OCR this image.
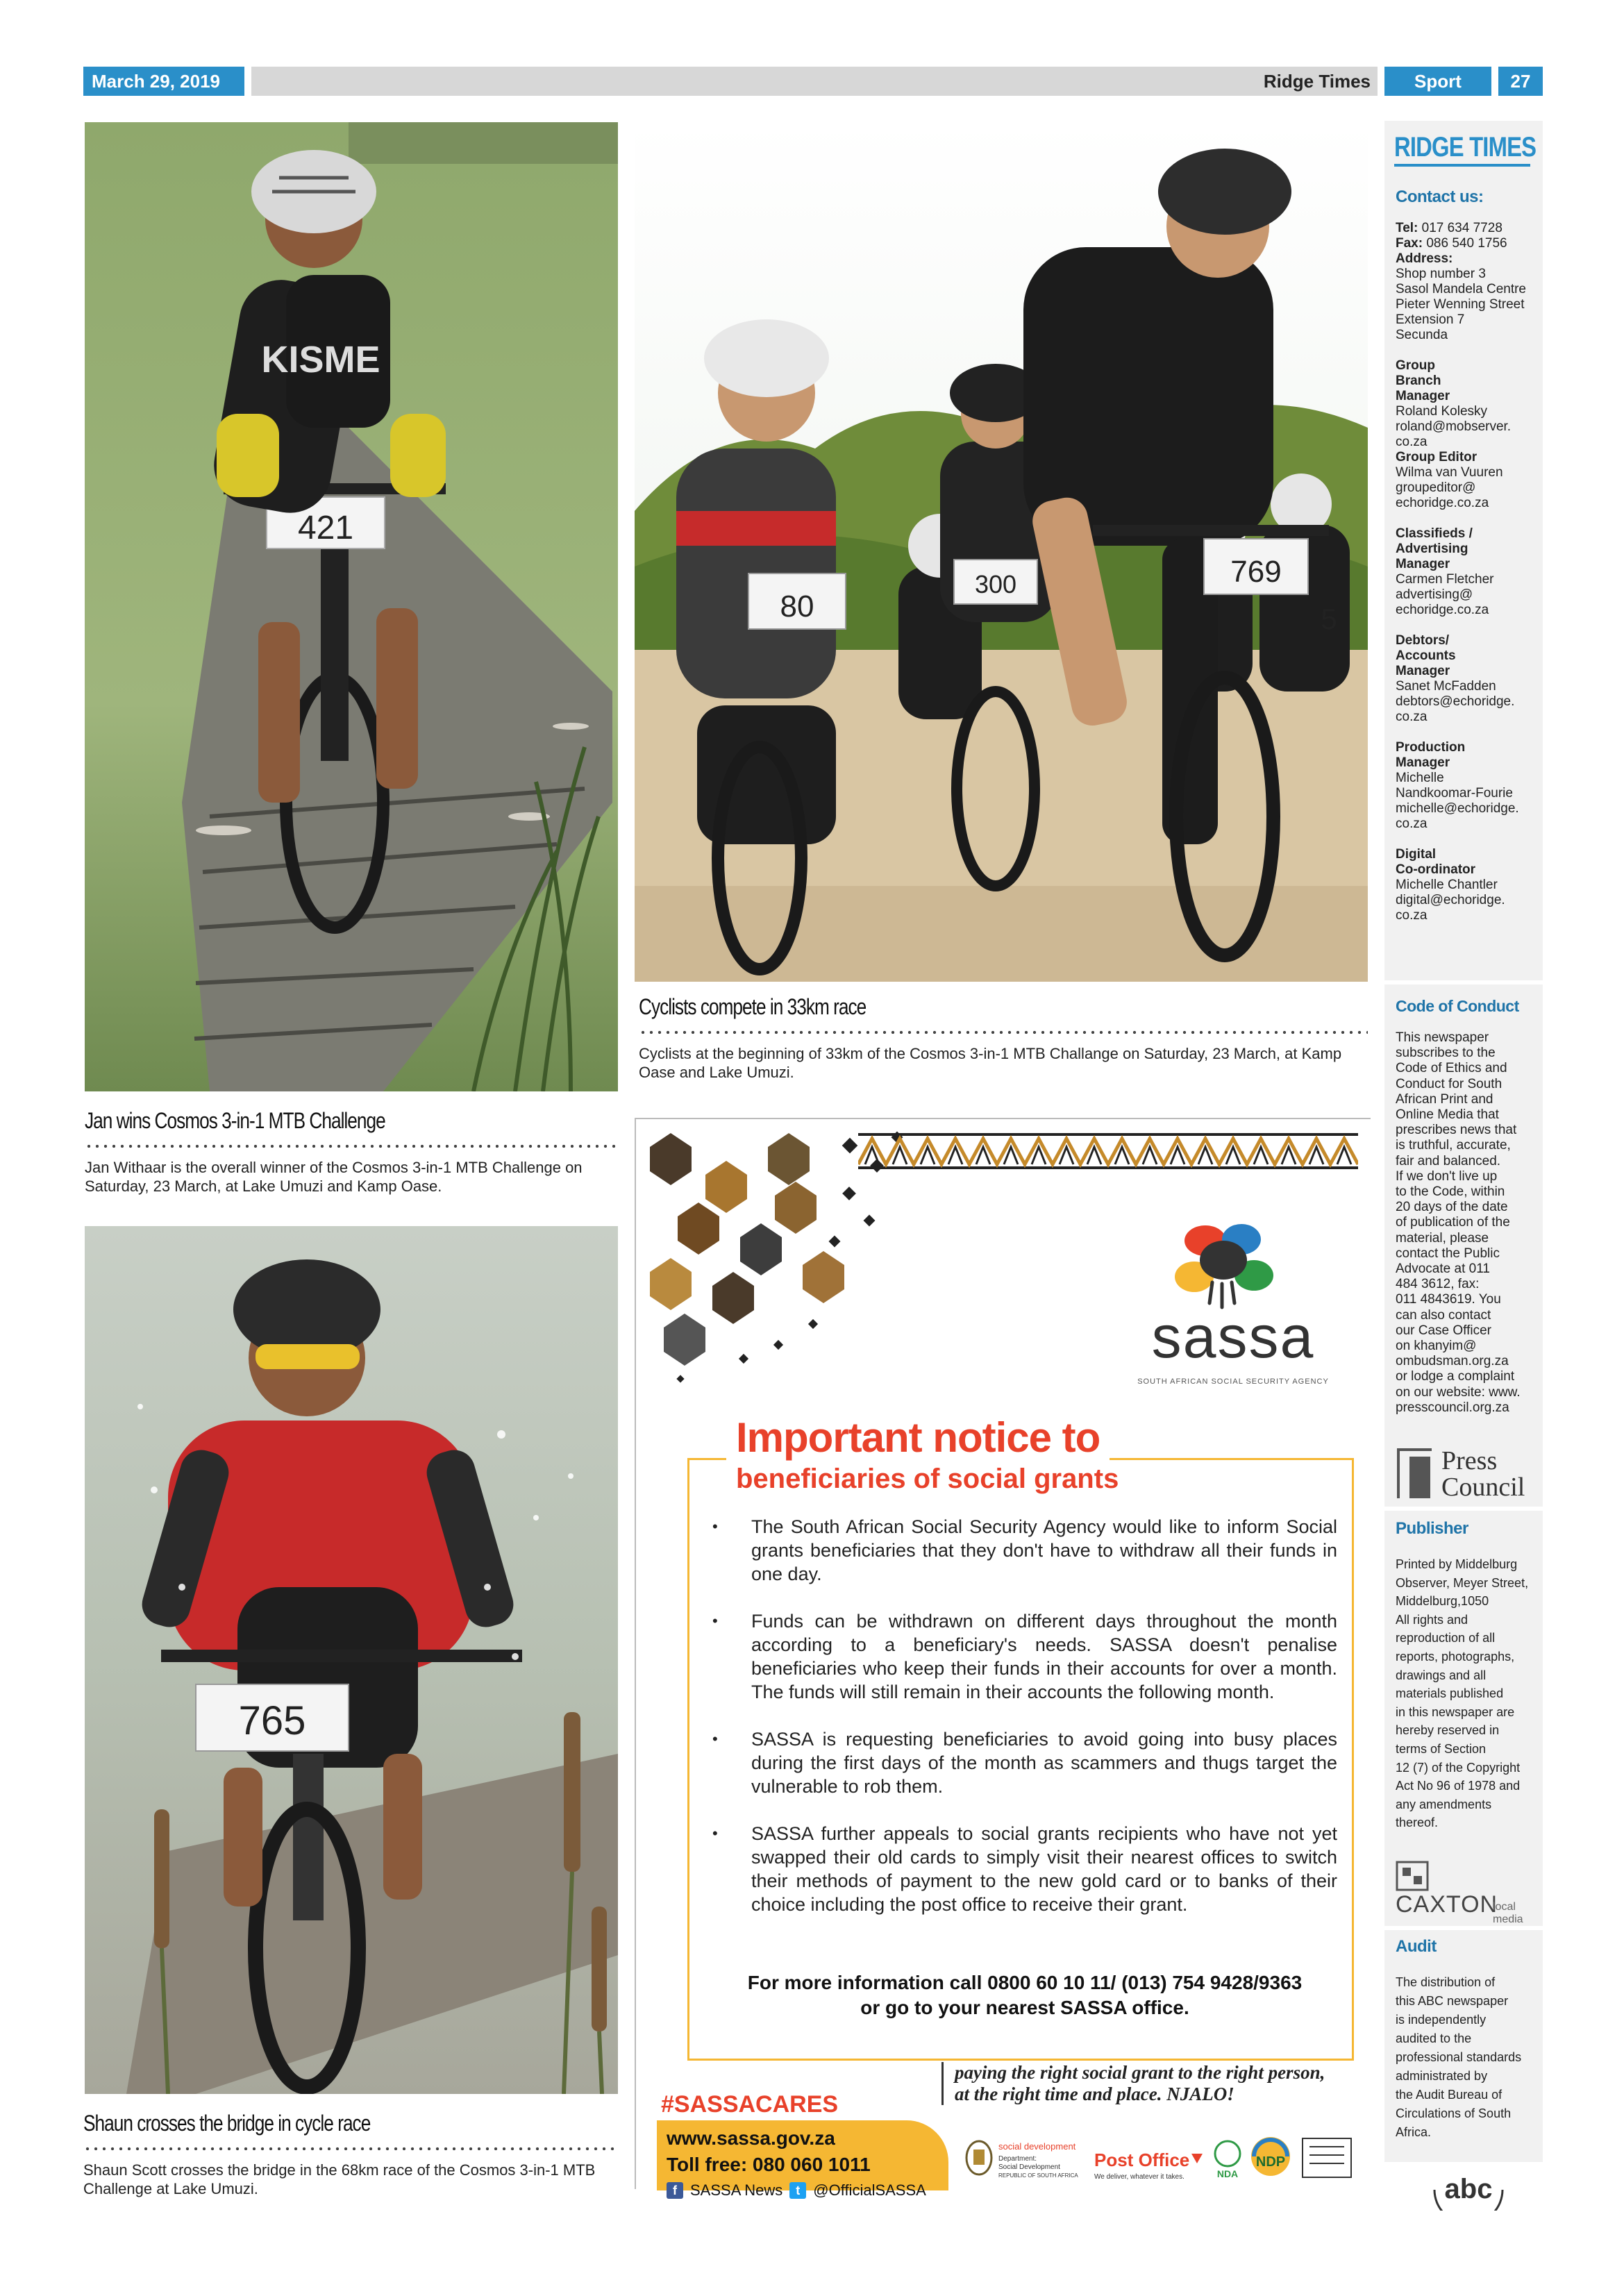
March 29, 2019	Ridge Times	Sport	27
421
KISME
Jan wins Cosmos 3-in-1 MTB Challenge
Jan Withaar is the overall winner of the Cosmos 3-in-1 MTB Challenge on Saturday, 23 March, at Lake Umuzi and Kamp Oase.
80
300	769
5
Cyclists compete in 33km race
Cyclists at the beginning of 33km of the Cosmos 3-in-1 MTB Challange on Saturday, 23 March, at Kamp Oase and Lake Umuzi.
765
Shaun crosses the bridge in cycle race
Shaun Scott crosses the bridge in the 68km race of the Cosmos 3-in-1 MTB Challenge at Lake Umuzi.
RIDGE TIMES
Contact us:
Tel: 017 634 7728
Fax: 086 540 1756
Address:
Shop number 3
Sasol Mandela Centre
Pieter Wenning Street
Extension 7
Secunda
Group
Branch
Manager
Roland Kolesky
roland@mobserver.
co.za
Group Editor
Wilma van Vuuren
groupeditor@
echoridge.co.za
Classifieds /
Advertising
Manager
Carmen Fletcher
advertising@
echoridge.co.za
Debtors/
Accounts
Manager
Sanet McFadden
debtors@echoridge.
co.za
Production
Manager
Michelle
Nandkoomar-Fourie
michelle@echoridge.
co.za
Digital
Co-ordinator
Michelle Chantler
digital@echoridge.
co.za
Code of Conduct
This newspaper
subscribes to the
Code of Ethics and
Conduct for South
African Print and
Online Media that
prescribes news that
is truthful, accurate,
fair and balanced.
If we don't live up
to the Code, within
20 days of the date
of publication of the
material, please
contact the Public
Advocate at 011
484 3612, fax:
011 4843619. You
can also contact
our Case Officer
on khanyim@
ombudsman.org.za
or lodge a complaint
on our website: www.
presscouncil.org.za
Press
Council
Publisher
Printed by Middelburg
Observer, Meyer Street,
Middelburg,1050
All rights and
reproduction of all
reports, photographs,
drawings and all
materials published
in this newspaper are
hereby reserved in
terms of Section
12 (7) of the Copyright
Act No 96 of 1978 and
any amendments
thereof.
CAXTON
local media
Audit
The distribution of
this ABC newspaper
is independently
audited to the
professional standards
administrated by
the Audit Bureau of
Circulations of South
Africa.
abc
sassa
SOUTH AFRICAN SOCIAL SECURITY AGENCY
Important notice to
beneficiaries of social grants
• The South African Social Security Agency would like to inform Social grants beneficiaries that they don't have to withdraw all their funds in one day.
• Funds can be withdrawn on different days throughout the month according to a beneficiary's needs. SASSA doesn't penalise beneficiaries who keep their funds in their accounts for over a month. The funds will still remain in their accounts the following month.
• SASSA is requesting beneficiaries to avoid going into busy places during the first days of the month as scammers and thugs target the vulnerable to rob them.
• SASSA further appeals to social grants recipients who have not yet swapped their old cards to simply visit their nearest offices to switch their methods of payment to the new gold card or to banks of their choice including the post office to receive their grant.
For more information call 0800 60 10 11/ (013) 754 9428/9363
or go to your nearest SASSA office.
paying the right social grant to the right person,
at the right time and place. NJALO!
#SASSACARES
www.sassa.gov.za
Toll free: 080 060 1011
f SASSA News	t @OfficialSASSA
social development
Department:
Social Development
REPUBLIC OF SOUTH AFRICA
Post Office
We deliver, whatever it takes.	NDA
NDP
